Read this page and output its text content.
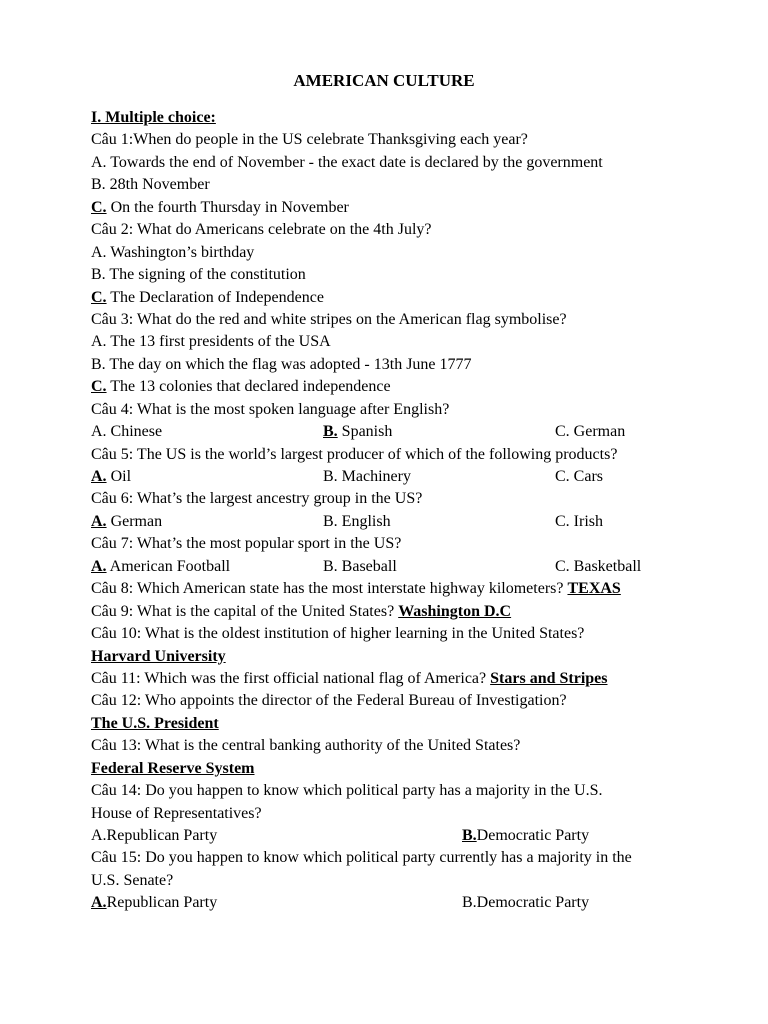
AMERICAN CULTURE
I. Multiple choice:
Câu 1:When do people in the US celebrate Thanksgiving each year?
A. Towards the end of November - the exact date is declared by the government
B. 28th November
C. On the fourth Thursday in November
Câu 2: What do Americans celebrate on the 4th July?
A. Washington’s birthday
B. The signing of the constitution
C. The Declaration of Independence
Câu 3: What do the red and white stripes on the American flag symbolise?
A. The 13 first presidents of the USA
B. The day on which the flag was adopted - 13th June 1777
C. The 13 colonies that declared independence
Câu 4: What is the most spoken language after English?
A. Chinese	B. Spanish	C. German
Câu 5: The US is the world’s largest producer of which of the following products?
A. Oil	B. Machinery	C. Cars
Câu 6: What’s the largest ancestry group in the US?
A. German	B. English	C. Irish
Câu 7: What’s the most popular sport in the US?
A. American Football	B. Baseball	C. Basketball
Câu 8: Which American state has the most interstate highway kilometers? TEXAS
Câu 9: What is the capital of the United States? Washington D.C
Câu 10: What is the oldest institution of higher learning in the United States?
Harvard University
Câu 11: Which was the first official national flag of America? Stars and Stripes
Câu 12: Who appoints the director of the Federal Bureau of Investigation?
The U.S. President
Câu 13: What is the central banking authority of the United States?
Federal Reserve System
Câu 14: Do you happen to know which political party has a majority in the U.S.
House of Representatives?
A.Republican Party	B.Democratic Party
Câu 15: Do you happen to know which political party currently has a majority in the
U.S. Senate?
A.Republican Party	B.Democratic Party
